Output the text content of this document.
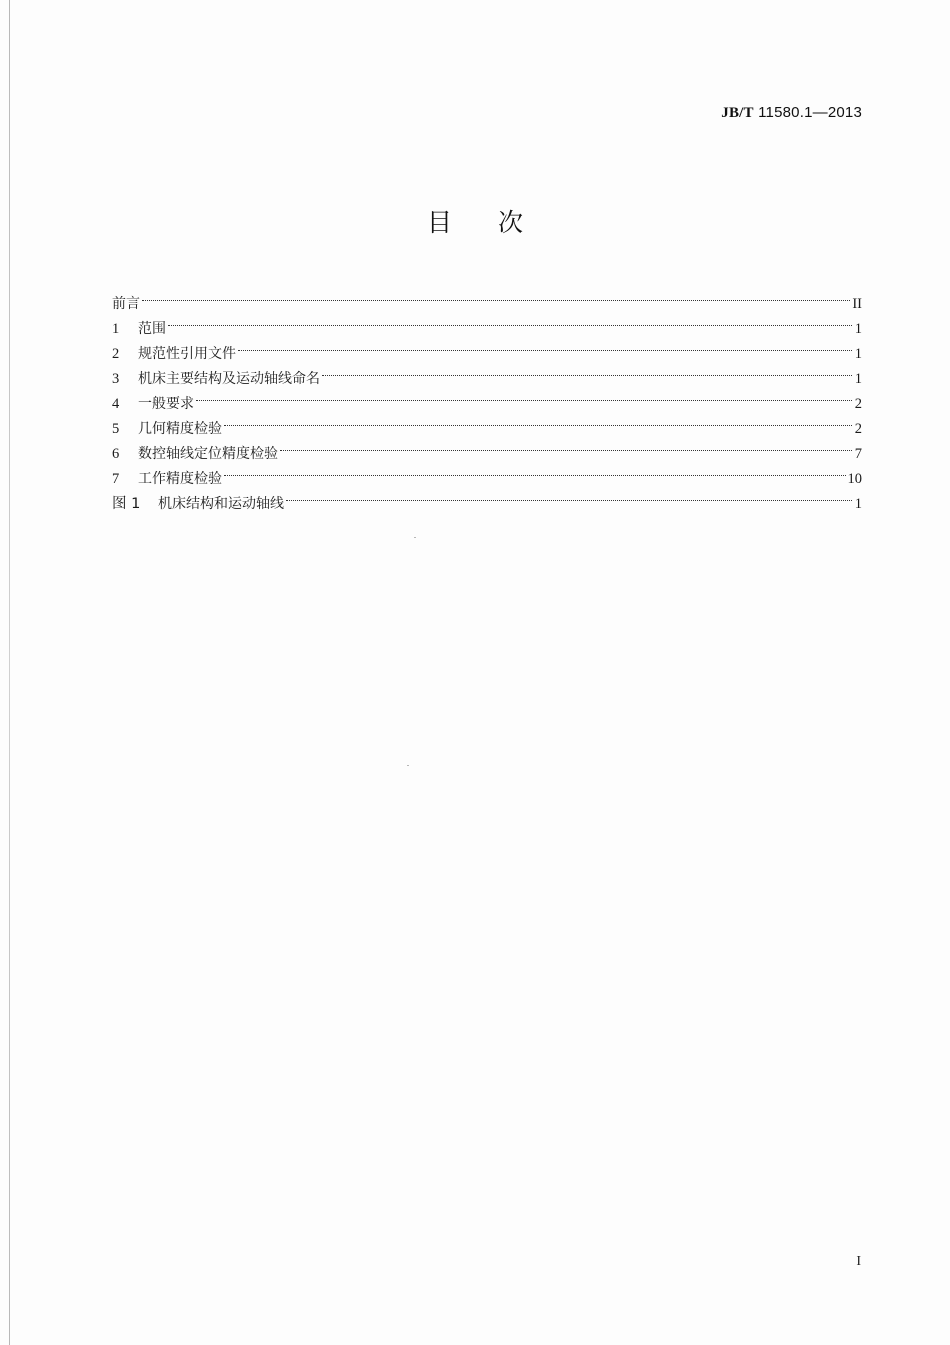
JB/T 11580.1—2013
目次
前言	II
1	范围	1
2	规范性引用文件	1
3	机床主要结构及运动轴线命名	1
4	一般要求	2
5	几何精度检验	2
6	数控轴线定位精度检验	7
7	工作精度检验	10
图 1	机床结构和运动轴线	1
I
